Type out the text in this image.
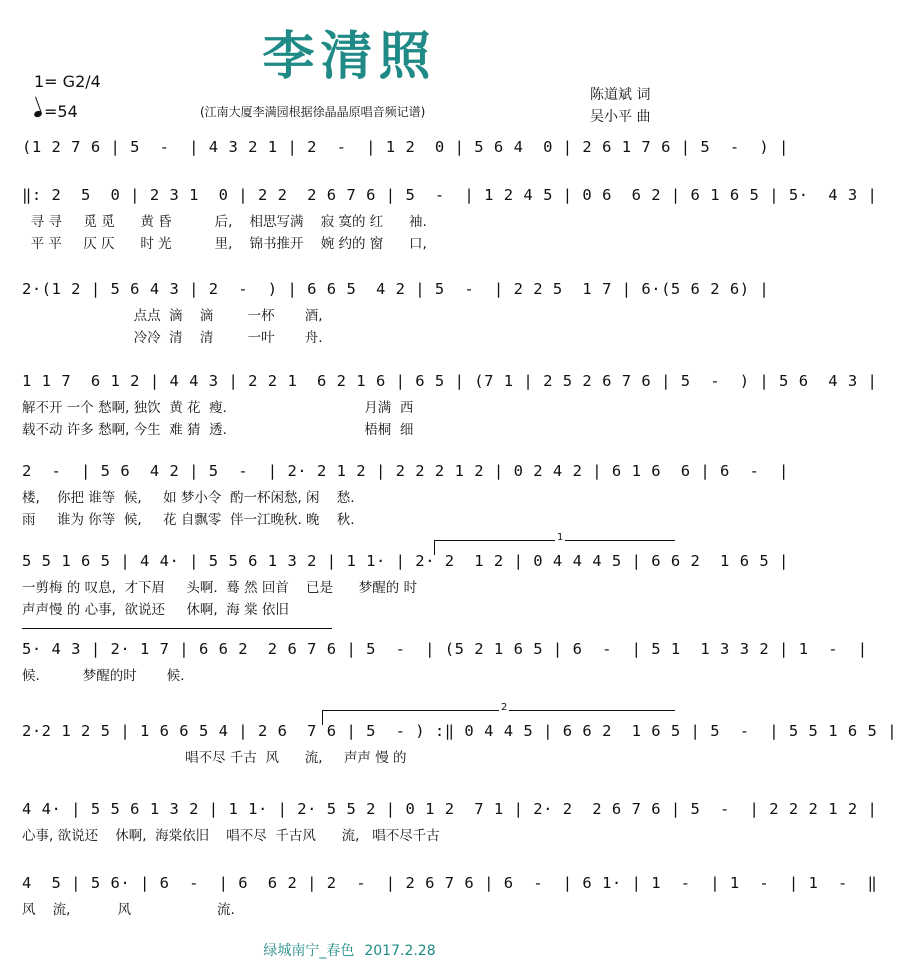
李清照
1= G2/4
=54	(江南大厦李满园根据徐晶晶原唱音频记谱)
陈道斌 词
吴小平 曲
(1 2 7 6 | 5  -  | 4 3 2 1 | 2  -  | 1 2  0 | 5 6 4  0 | 2 6 1 7 6 | 5  -  ) |
‖: 2  5  0 | 2 3 1  0 | 2 2  2 6 7 6 | 5  -  | 1 2 4 5 | 0 6  6 2 | 6 1 6 5 | 5·  4 3 |
寻 寻     觅 觅      黄 昏          后,    相思写满    寂 寞的 红      袖.
平 平     仄 仄      时 光          里,    锦书推开    婉 约的 窗      口,
2·(1 2 | 5 6 4 3 | 2  -  ) | 6 6 5  4 2 | 5  -  | 2 2 5  1 7 | 6·(5 6 2 6) |
点点  滴    滴        一杯       酒,
冷冷  清    清        一叶       舟.
1 1 7  6 1 2 | 4 4 3 | 2 2 1  6 2 1 6 | 6 5 | (7 1 | 2 5 2 6 7 6 | 5  -  ) | 5 6  4 3 |
解不开 一个 愁啊, 独饮  黄 花  瘦.                                月满  西
载不动 许多 愁啊, 今生  难 猜  透.                                梧桐  细
2  -  | 5 6  4 2 | 5  -  | 2· 2 1 2 | 2 2 2 1 2 | 0 2 4 2 | 6 1 6  6 | 6  -  |
楼,    你把 谁等  候,     如 梦小令  酌一杯闲愁, 闲    愁.
雨     谁为 你等  候,     花 自飘零  伴一江晚秋. 晚    秋.
1
5 5 1 6 5 | 4 4· | 5 5 6 1 3 2 | 1 1· | 2· 2  1 2 | 0 4 4 4 5 | 6 6 2  1 6 5 |
一剪梅 的 叹息,  才下眉     头啊.  蓦 然 回首    已是      梦醒的 时
声声慢 的 心事,  欲说还     休啊,  海 棠 依旧
5· 4 3 | 2· 1 7 | 6 6 2  2 6 7 6 | 5  -  | (5 2 1 6 5 | 6  -  | 5 1  1 3 3 2 | 1  -  |
候.          梦醒的时       候.
2
2·2 1 2 5 | 1 6 6 5 4 | 2 6  7 6 | 5  - ) :‖ 0 4 4 5 | 6 6 2  1 6 5 | 5  -  | 5 5 1 6 5 |
唱不尽 千古  风      流,     声声 慢 的
4 4· | 5 5 6 1 3 2 | 1 1· | 2· 5 5 2 | 0 1 2  7 1 | 2· 2  2 6 7 6 | 5  -  | 2 2 2 1 2 |
心事, 欲说还    休啊,  海棠依旧    唱不尽  千古风      流,   唱不尽千古
4  5 | 5 6· | 6  -  | 6  6 2 | 2  -  | 2 6 7 6 | 6  -  | 6 1· | 1  -  | 1  -  | 1  -  ‖
风    流,           风                    流.
绿城南宁_春色 2017.2.28
